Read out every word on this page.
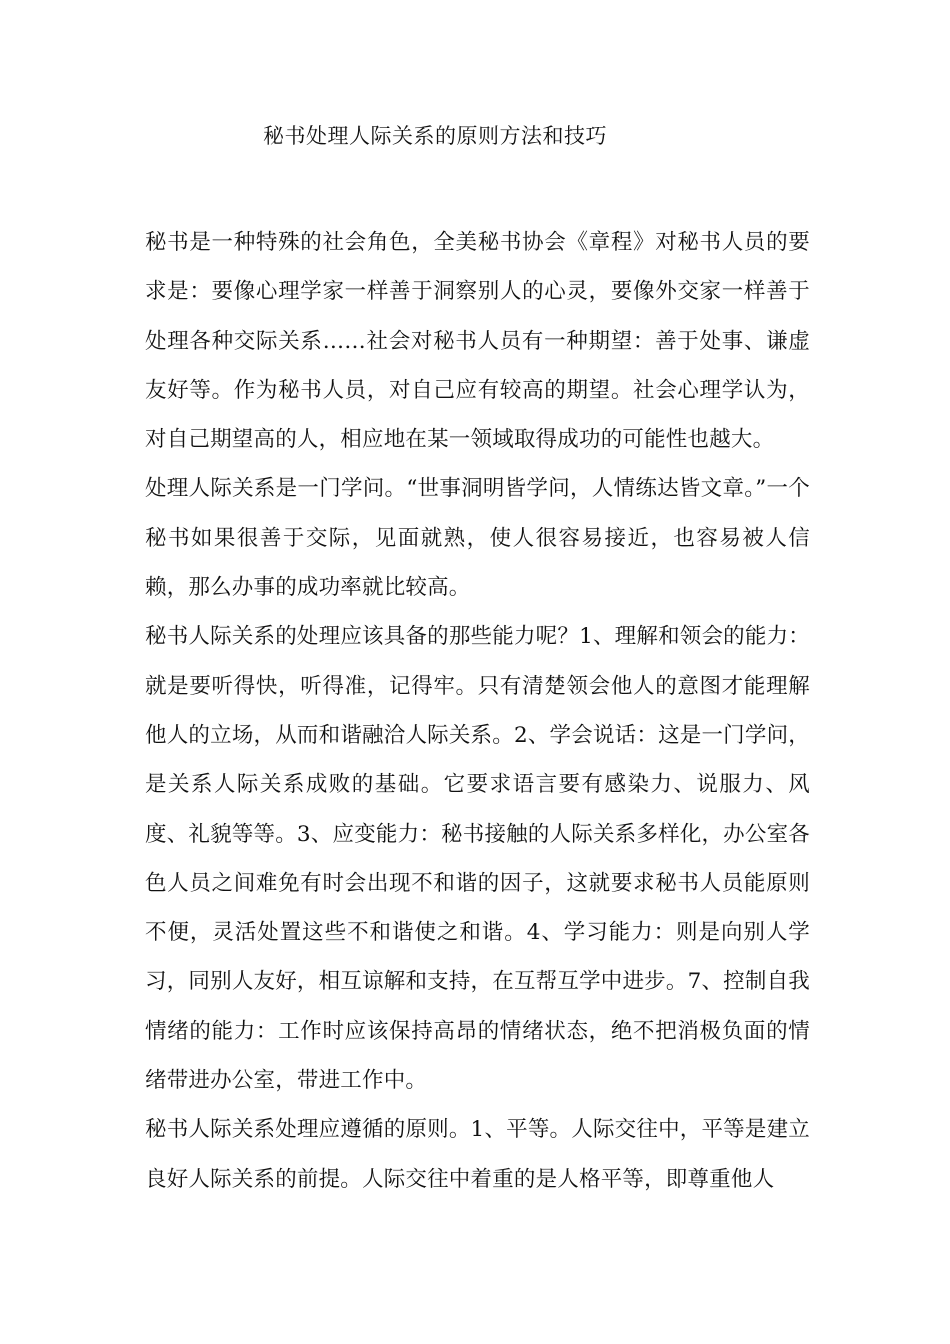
秘书处理人际关系的原则方法和技巧

秘书是一种特殊的社会角色，全美秘书协会《章程》对秘书人员的要求是：要像心理学家一样善于洞察别人的心灵，要像外交家一样善于处理各种交际关系……社会对秘书人员有一种期望：善于处事、谦虚友好等。作为秘书人员，对自己应有较高的期望。社会心理学认为，对自己期望高的人，相应地在某一领域取得成功的可能性也越大。

处理人际关系是一门学问。“世事洞明皆学问，人情练达皆文章。”一个秘书如果很善于交际，见面就熟，使人很容易接近，也容易被人信赖，那么办事的成功率就比较高。

秘书人际关系的处理应该具备的那些能力呢？1、理解和领会的能力：就是要听得快，听得准，记得牢。只有清楚领会他人的意图才能理解他人的立场，从而和谐融洽人际关系。2、学会说话：这是一门学问，是关系人际关系成败的基础。它要求语言要有感染力、说服力、风度、礼貌等等。3、应变能力：秘书接触的人际关系多样化，办公室各色人员之间难免有时会出现不和谐的因子，这就要求秘书人员能原则不便，灵活处置这些不和谐使之和谐。4、学习能力：则是向别人学习，同别人友好，相互谅解和支持，在互帮互学中进步。7、控制自我情绪的能力：工作时应该保持高昂的情绪状态，绝不把消极负面的情绪带进办公室，带进工作中。

秘书人际关系处理应遵循的原则。1、平等。人际交往中，平等是建立良好人际关系的前提。人际交往中着重的是人格平等，即尊重他人
